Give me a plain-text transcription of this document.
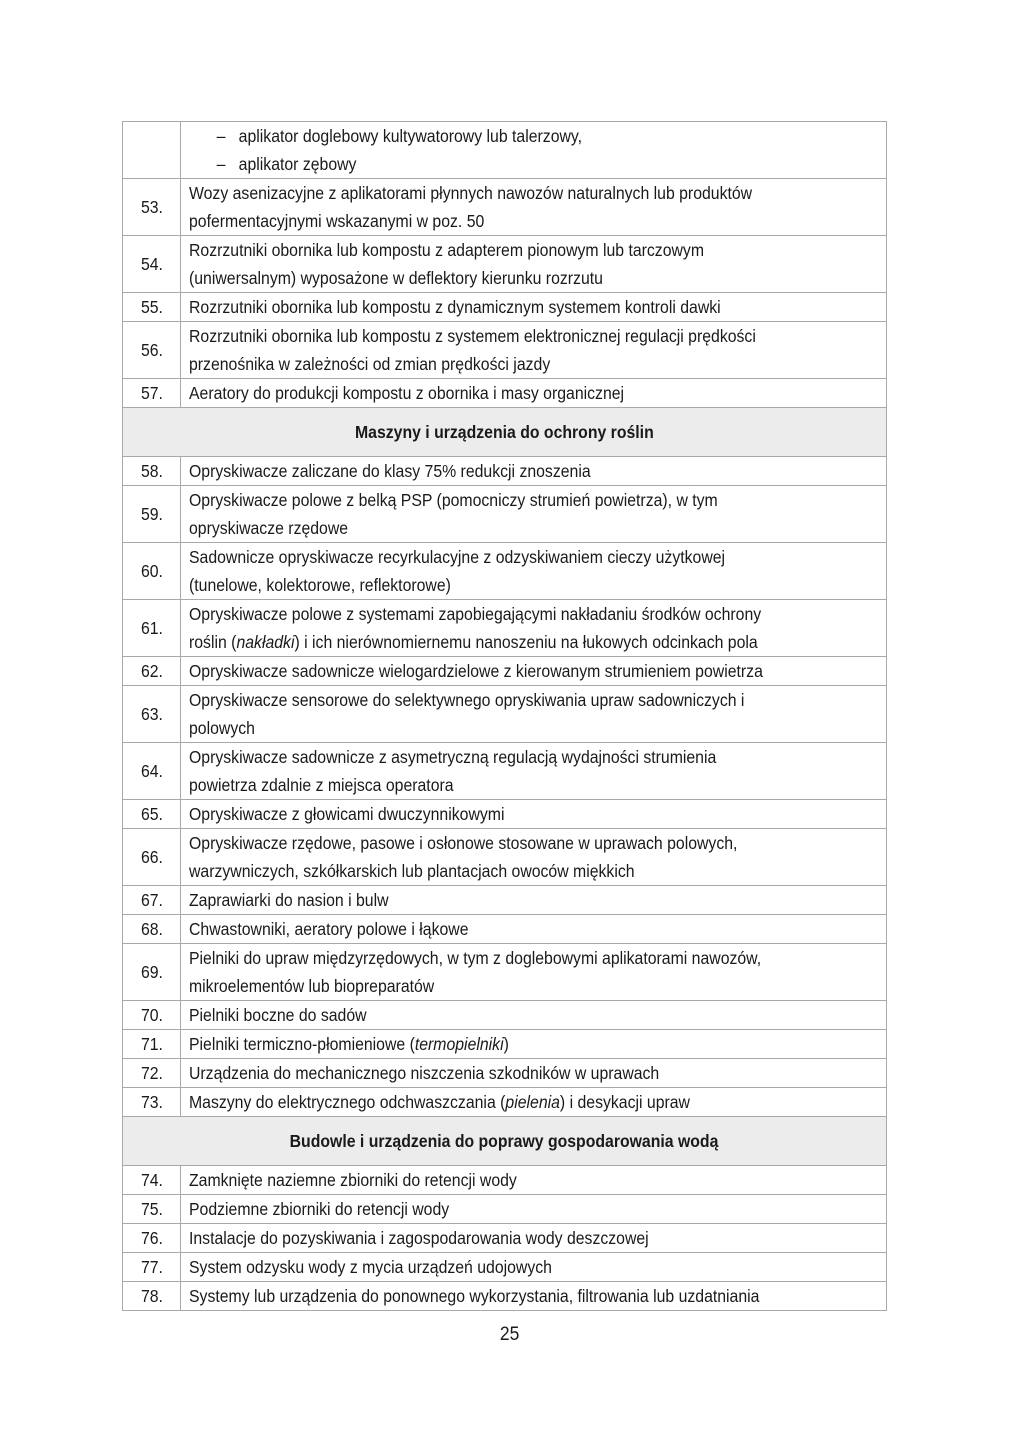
	– aplikator doglebowy kultywatorowy lub talerzowy,
– aplikator zębowy

53.	Wozy asenizacyjne z aplikatorami płynnych nawozów naturalnych lub produktów
pofermentacyjnymi wskazanymi w poz. 50

54.	Rozrzutniki obornika lub kompostu z adapterem pionowym lub tarczowym
(uniwersalnym) wyposażone w deflektory kierunku rozrzutu

55.	Rozrzutniki obornika lub kompostu z dynamicznym systemem kontroli dawki

56.	Rozrzutniki obornika lub kompostu z systemem elektronicznej regulacji prędkości
przenośnika w zależności od zmian prędkości jazdy

57.	Aeratory do produkcji kompostu z obornika i masy organicznej

Maszyny i urządzenia do ochrony roślin	
58.	Opryskiwacze zaliczane do klasy 75% redukcji znoszenia

59.	Opryskiwacze polowe z belką PSP (pomocniczy strumień powietrza), w tym
opryskiwacze rzędowe

60.	Sadownicze opryskiwacze recyrkulacyjne z odzyskiwaniem cieczy użytkowej
(tunelowe, kolektorowe, reflektorowe)

61.	Opryskiwacze polowe z systemami zapobiegającymi nakładaniu środków ochrony
roślin (nakładki) i ich nierównomiernemu nanoszeniu na łukowych odcinkach pola

62.	Opryskiwacze sadownicze wielogardzielowe z kierowanym strumieniem powietrza

63.	Opryskiwacze sensorowe do selektywnego opryskiwania upraw sadowniczych i
polowych

64.	Opryskiwacze sadownicze z asymetryczną regulacją wydajności strumienia
powietrza zdalnie z miejsca operatora

65.	Opryskiwacze z głowicami dwuczynnikowymi

66.	Opryskiwacze rzędowe, pasowe i osłonowe stosowane w uprawach polowych,
warzywniczych, szkółkarskich lub plantacjach owoców miękkich

67.	Zaprawiarki do nasion i bulw

68.	Chwastowniki, aeratory polowe i łąkowe

69.	Pielniki do upraw międzyrzędowych, w tym z doglebowymi aplikatorami nawozów,
mikroelementów lub biopreparatów

70.	Pielniki boczne do sadów

71.	Pielniki termiczno-płomieniowe (termopielniki)

72.	Urządzenia do mechanicznego niszczenia szkodników w uprawach

73.	Maszyny do elektrycznego odchwaszczania (pielenia) i desykacji upraw

Budowle i urządzenia do poprawy gospodarowania wodą	
74.	Zamknięte naziemne zbiorniki do retencji wody

75.	Podziemne zbiorniki do retencji wody

76.	Instalacje do pozyskiwania i zagospodarowania wody deszczowej

77.	System odzysku wody z mycia urządzeń udojowych

78.	Systemy lub urządzenia do ponownego wykorzystania, filtrowania lub uzdatniania
25
